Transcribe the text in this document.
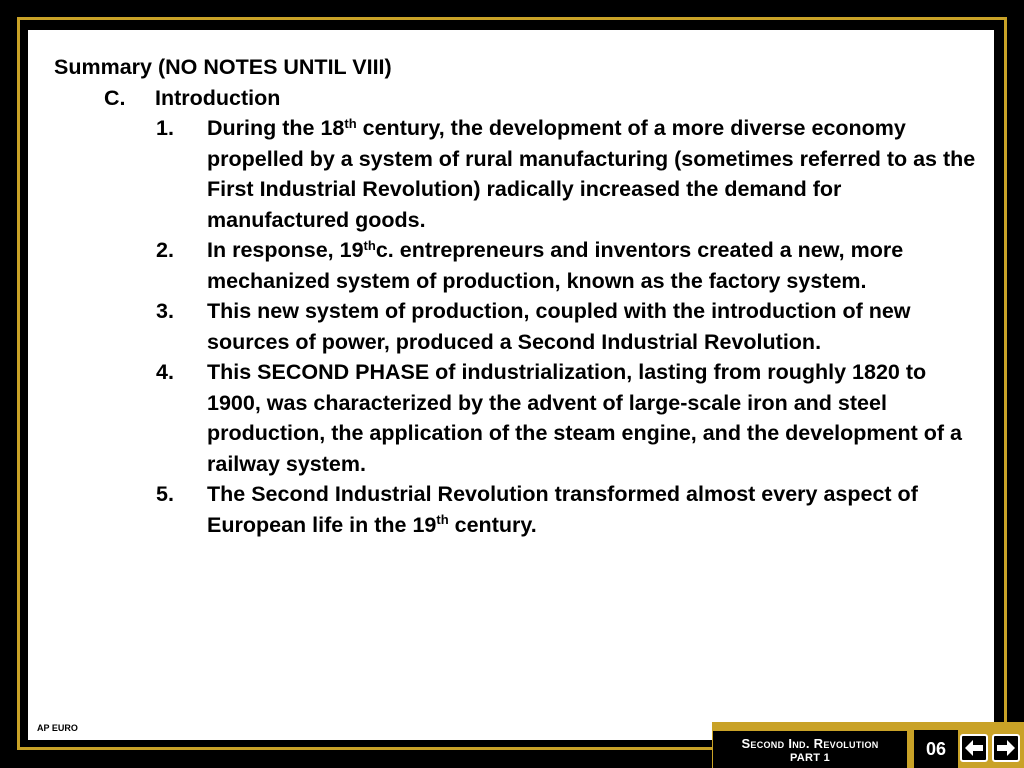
Summary (NO NOTES UNTIL VIII)

C.	Introduction
1.	During the 18th century, the development of a more diverse economy propelled by a system of rural manufacturing (sometimes referred to as the First Industrial Revolution) radically increased the demand for manufactured goods.
2.	In response, 19thc. entrepreneurs and inventors created a new, more mechanized system of production, known as the factory system.
3.	This new system of production, coupled with the introduction of new sources of power, produced a Second Industrial Revolution.
4.	This SECOND PHASE of industrialization, lasting from roughly 1820 to 1900, was characterized by the advent of large-scale iron and steel production, the application of the steam engine, and the development of a railway system.
5.	The Second Industrial Revolution transformed almost every aspect of European life in the 19th century.
AP EURO
Second Ind. Revolution
PART 1	06
